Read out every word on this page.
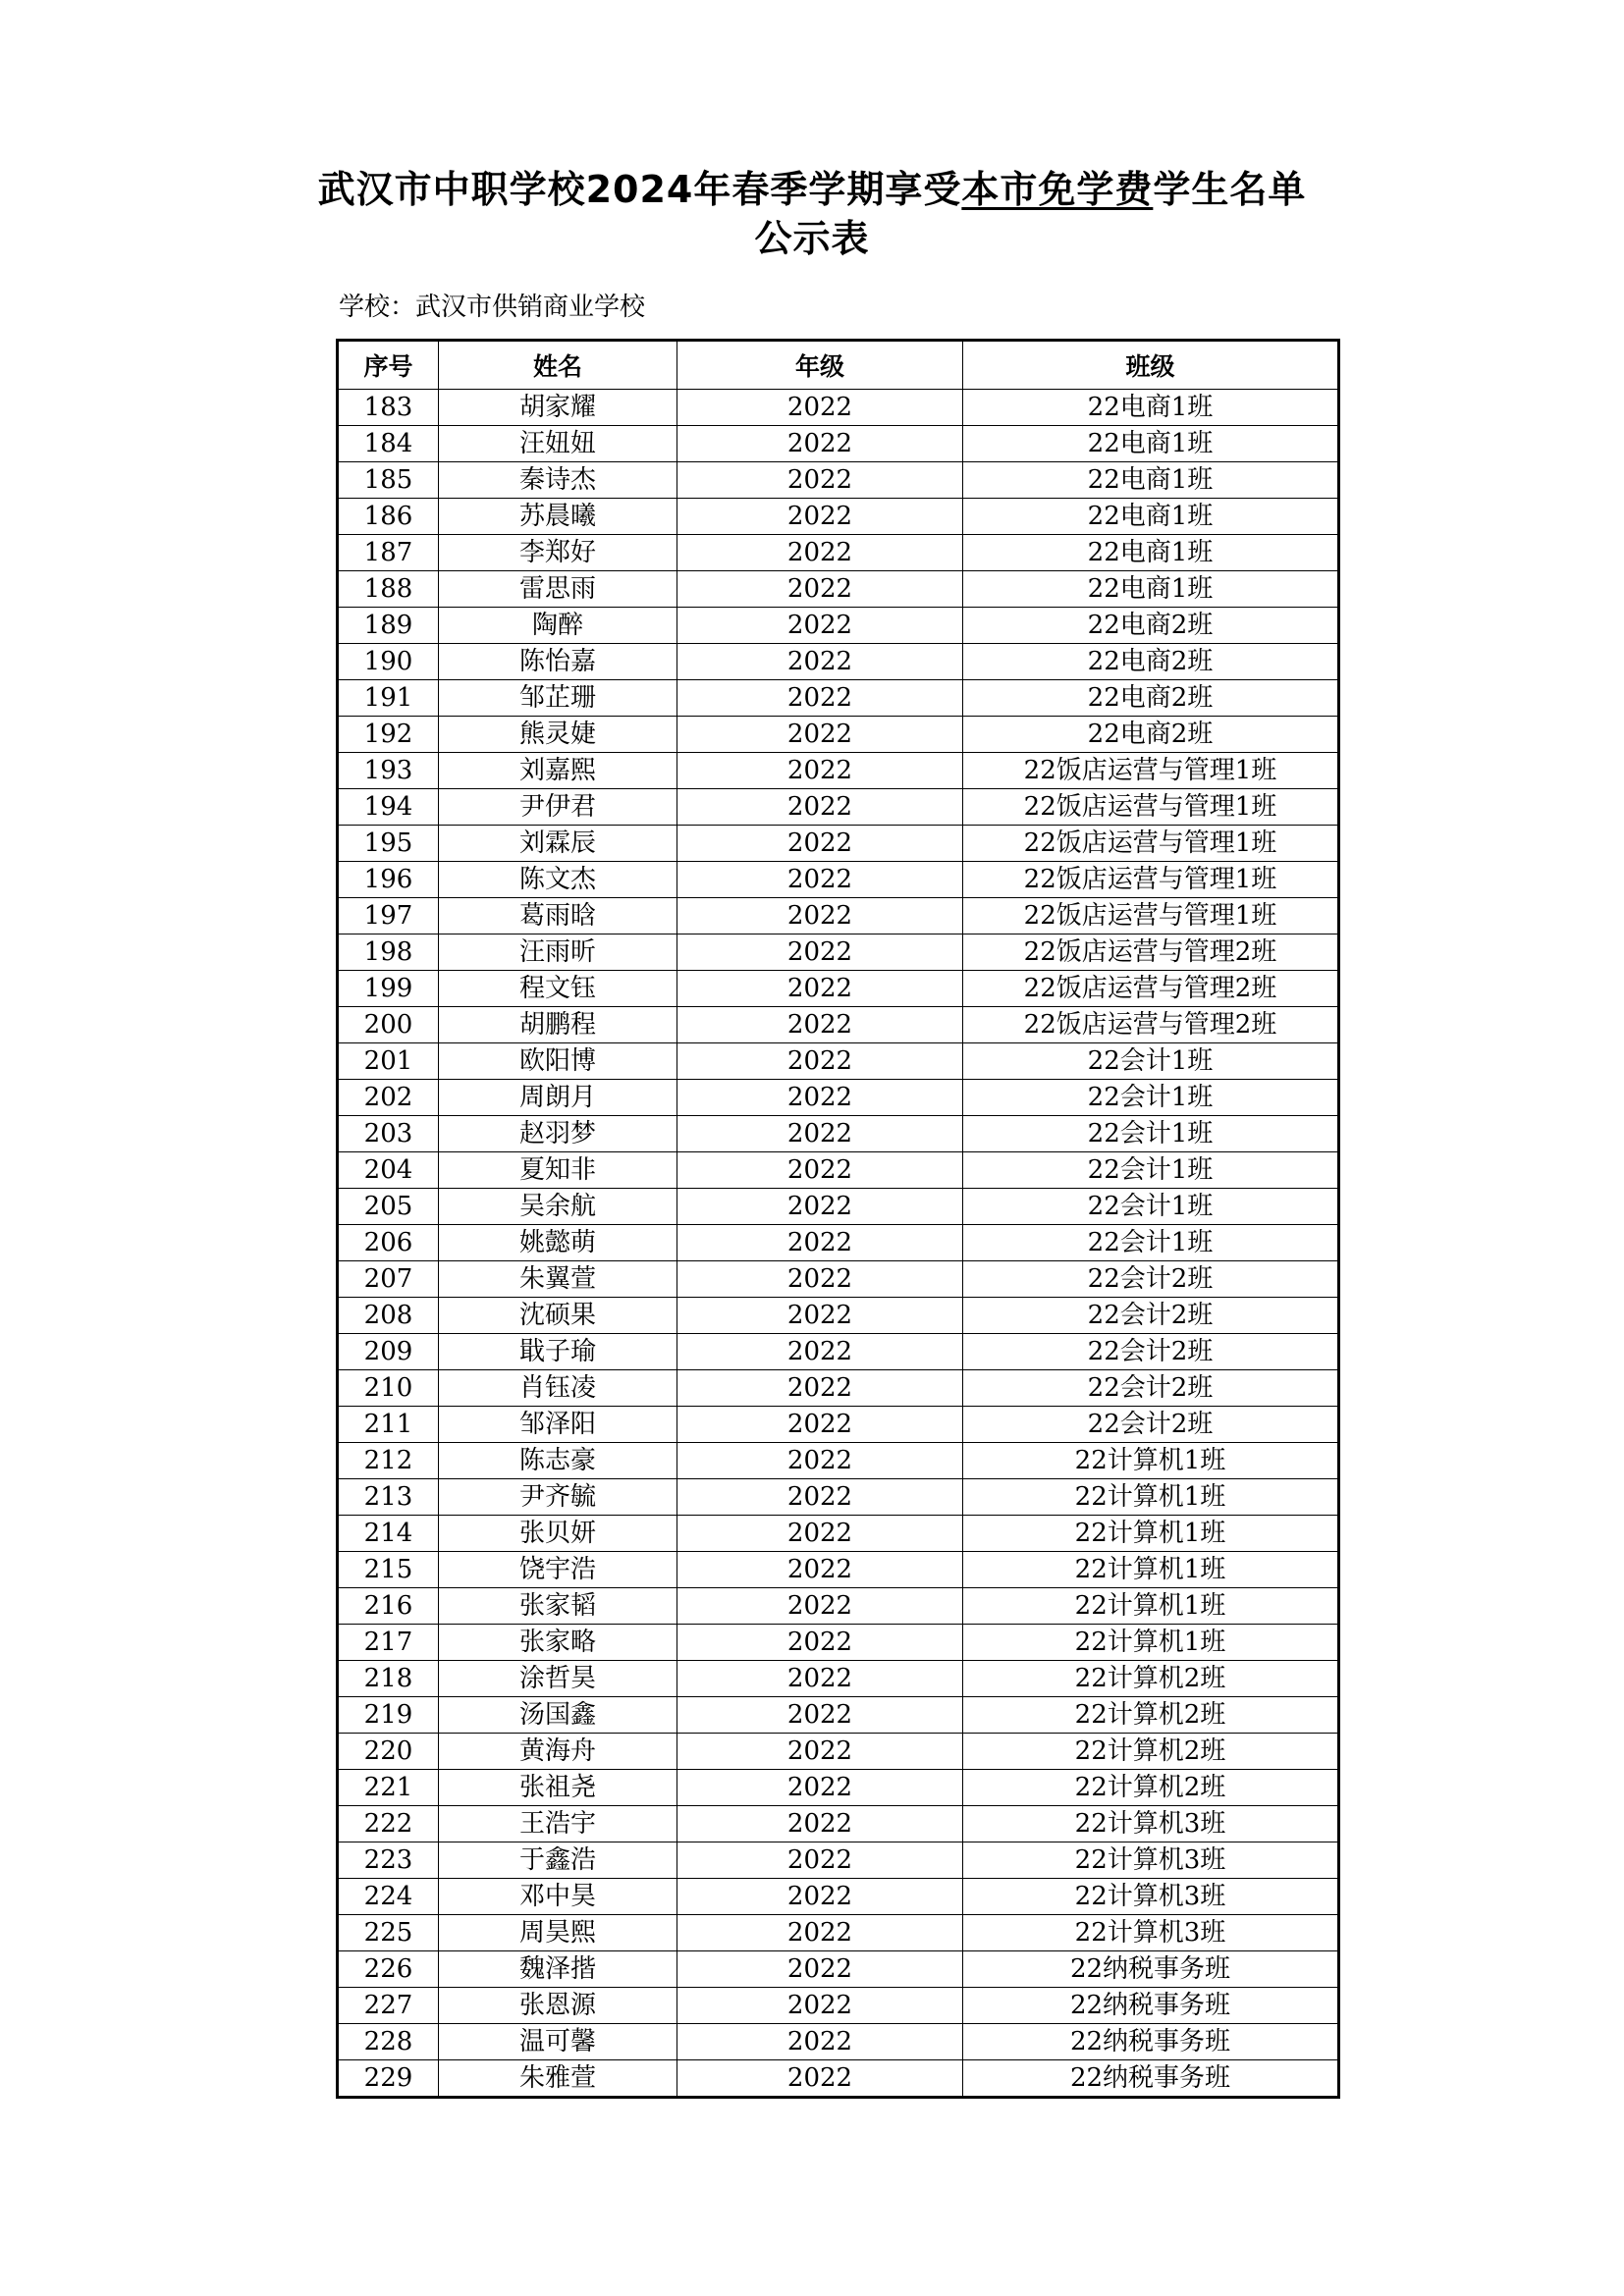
武汉市中职学校2024年春季学期享受本市免学费学生名单
公示表
学校：武汉市供销商业学校
序号	姓名	年级	班级
183	胡家耀	2022	22电商1班
184	汪妞妞	2022	22电商1班
185	秦诗杰	2022	22电商1班
186	苏晨曦	2022	22电商1班
187	李郑好	2022	22电商1班
188	雷思雨	2022	22电商1班
189	陶醉	2022	22电商2班
190	陈怡嘉	2022	22电商2班
191	邹芷珊	2022	22电商2班
192	熊灵婕	2022	22电商2班
193	刘嘉熙	2022	22饭店运营与管理1班
194	尹伊君	2022	22饭店运营与管理1班
195	刘霖辰	2022	22饭店运营与管理1班
196	陈文杰	2022	22饭店运营与管理1班
197	葛雨晗	2022	22饭店运营与管理1班
198	汪雨昕	2022	22饭店运营与管理2班
199	程文钰	2022	22饭店运营与管理2班
200	胡鹏程	2022	22饭店运营与管理2班
201	欧阳博	2022	22会计1班
202	周朗月	2022	22会计1班
203	赵羽梦	2022	22会计1班
204	夏知非	2022	22会计1班
205	吴余航	2022	22会计1班
206	姚懿萌	2022	22会计1班
207	朱翼萱	2022	22会计2班
208	沈硕果	2022	22会计2班
209	戢子瑜	2022	22会计2班
210	肖钰凌	2022	22会计2班
211	邹泽阳	2022	22会计2班
212	陈志豪	2022	22计算机1班
213	尹齐毓	2022	22计算机1班
214	张贝妍	2022	22计算机1班
215	饶宇浩	2022	22计算机1班
216	张家韬	2022	22计算机1班
217	张家略	2022	22计算机1班
218	涂哲昊	2022	22计算机2班
219	汤国鑫	2022	22计算机2班
220	黄海舟	2022	22计算机2班
221	张祖尧	2022	22计算机2班
222	王浩宇	2022	22计算机3班
223	于鑫浩	2022	22计算机3班
224	邓中昊	2022	22计算机3班
225	周昊熙	2022	22计算机3班
226	魏泽揩	2022	22纳税事务班
227	张恩源	2022	22纳税事务班
228	温可馨	2022	22纳税事务班
229	朱雅萱	2022	22纳税事务班
